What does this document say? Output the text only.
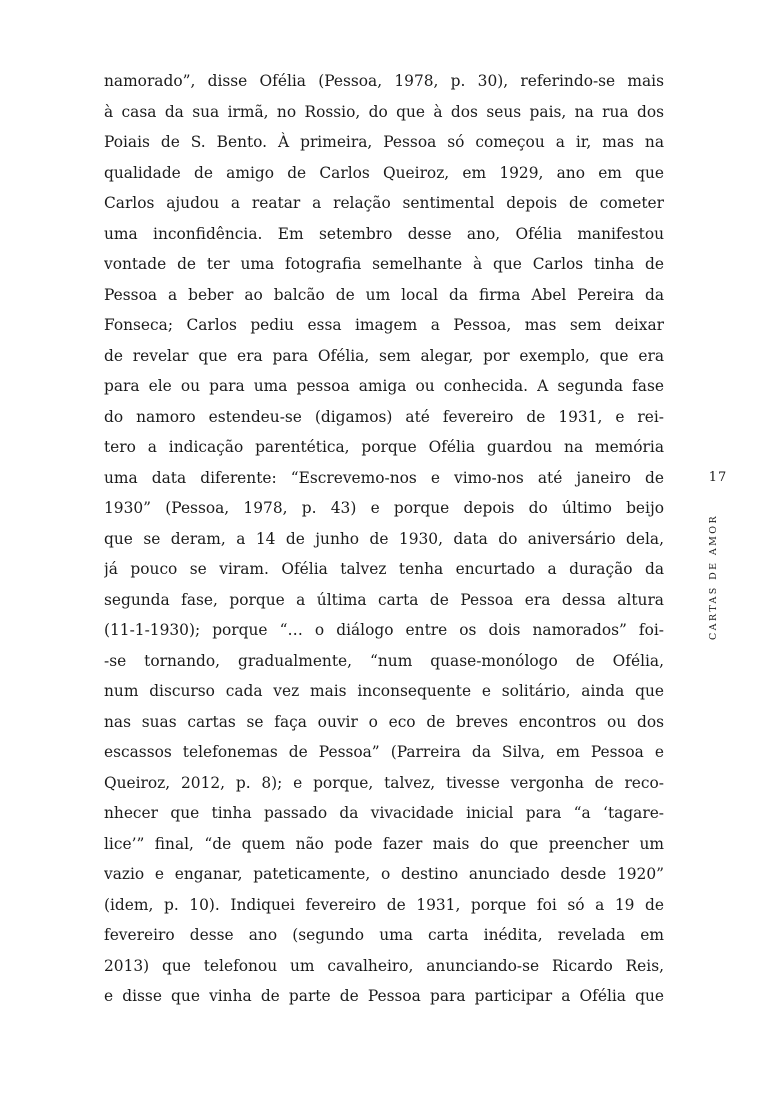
namorado”, disse Ofélia (Pessoa, 1978, p. 30), referindo-se mais
à casa da sua irmã, no Rossio, do que à dos seus pais, na rua dos
Poiais de S. Bento. À primeira, Pessoa só começou a ir, mas na
qualidade de amigo de Carlos Queiroz, em 1929, ano em que
Carlos ajudou a reatar a relação sentimental depois de cometer
uma inconfidência. Em setembro desse ano, Ofélia manifestou
vontade de ter uma fotografia semelhante à que Carlos tinha de
Pessoa a beber ao balcão de um local da firma Abel Pereira da
Fonseca; Carlos pediu essa imagem a Pessoa, mas sem deixar
de revelar que era para Ofélia, sem alegar, por exemplo, que era
para ele ou para uma pessoa amiga ou conhecida. A segunda fase
do namoro estendeu-se (digamos) até fevereiro de 1931, e rei-
tero a indicação parentética, porque Ofélia guardou na memória
uma data diferente: “Escrevemo-nos e vimo-nos até janeiro de
1930” (Pessoa, 1978, p. 43) e porque depois do último beijo
que se deram, a 14 de junho de 1930, data do aniversário dela,
já pouco se viram. Ofélia talvez tenha encurtado a duração da
segunda fase, porque a última carta de Pessoa era dessa altura
(11-1-1930); porque “… o diálogo entre os dois namorados” foi-
-se tornando, gradualmente, “num quase-monólogo de Ofélia,
num discurso cada vez mais inconsequente e solitário, ainda que
nas suas cartas se faça ouvir o eco de breves encontros ou dos
escassos telefonemas de Pessoa” (Parreira da Silva, em Pessoa e
Queiroz, 2012, p. 8); e porque, talvez, tivesse vergonha de reco-
nhecer que tinha passado da vivacidade inicial para “a ‘tagare-
lice’” final, “de quem não pode fazer mais do que preencher um
vazio e enganar, pateticamente, o destino anunciado desde 1920”
(idem, p. 10). Indiquei fevereiro de 1931, porque foi só a 19 de
fevereiro desse ano (segundo uma carta inédita, revelada em
2013) que telefonou um cavalheiro, anunciando-se Ricardo Reis,
e disse que vinha de parte de Pessoa para participar a Ofélia que
17
CARTAS DE AMOR
